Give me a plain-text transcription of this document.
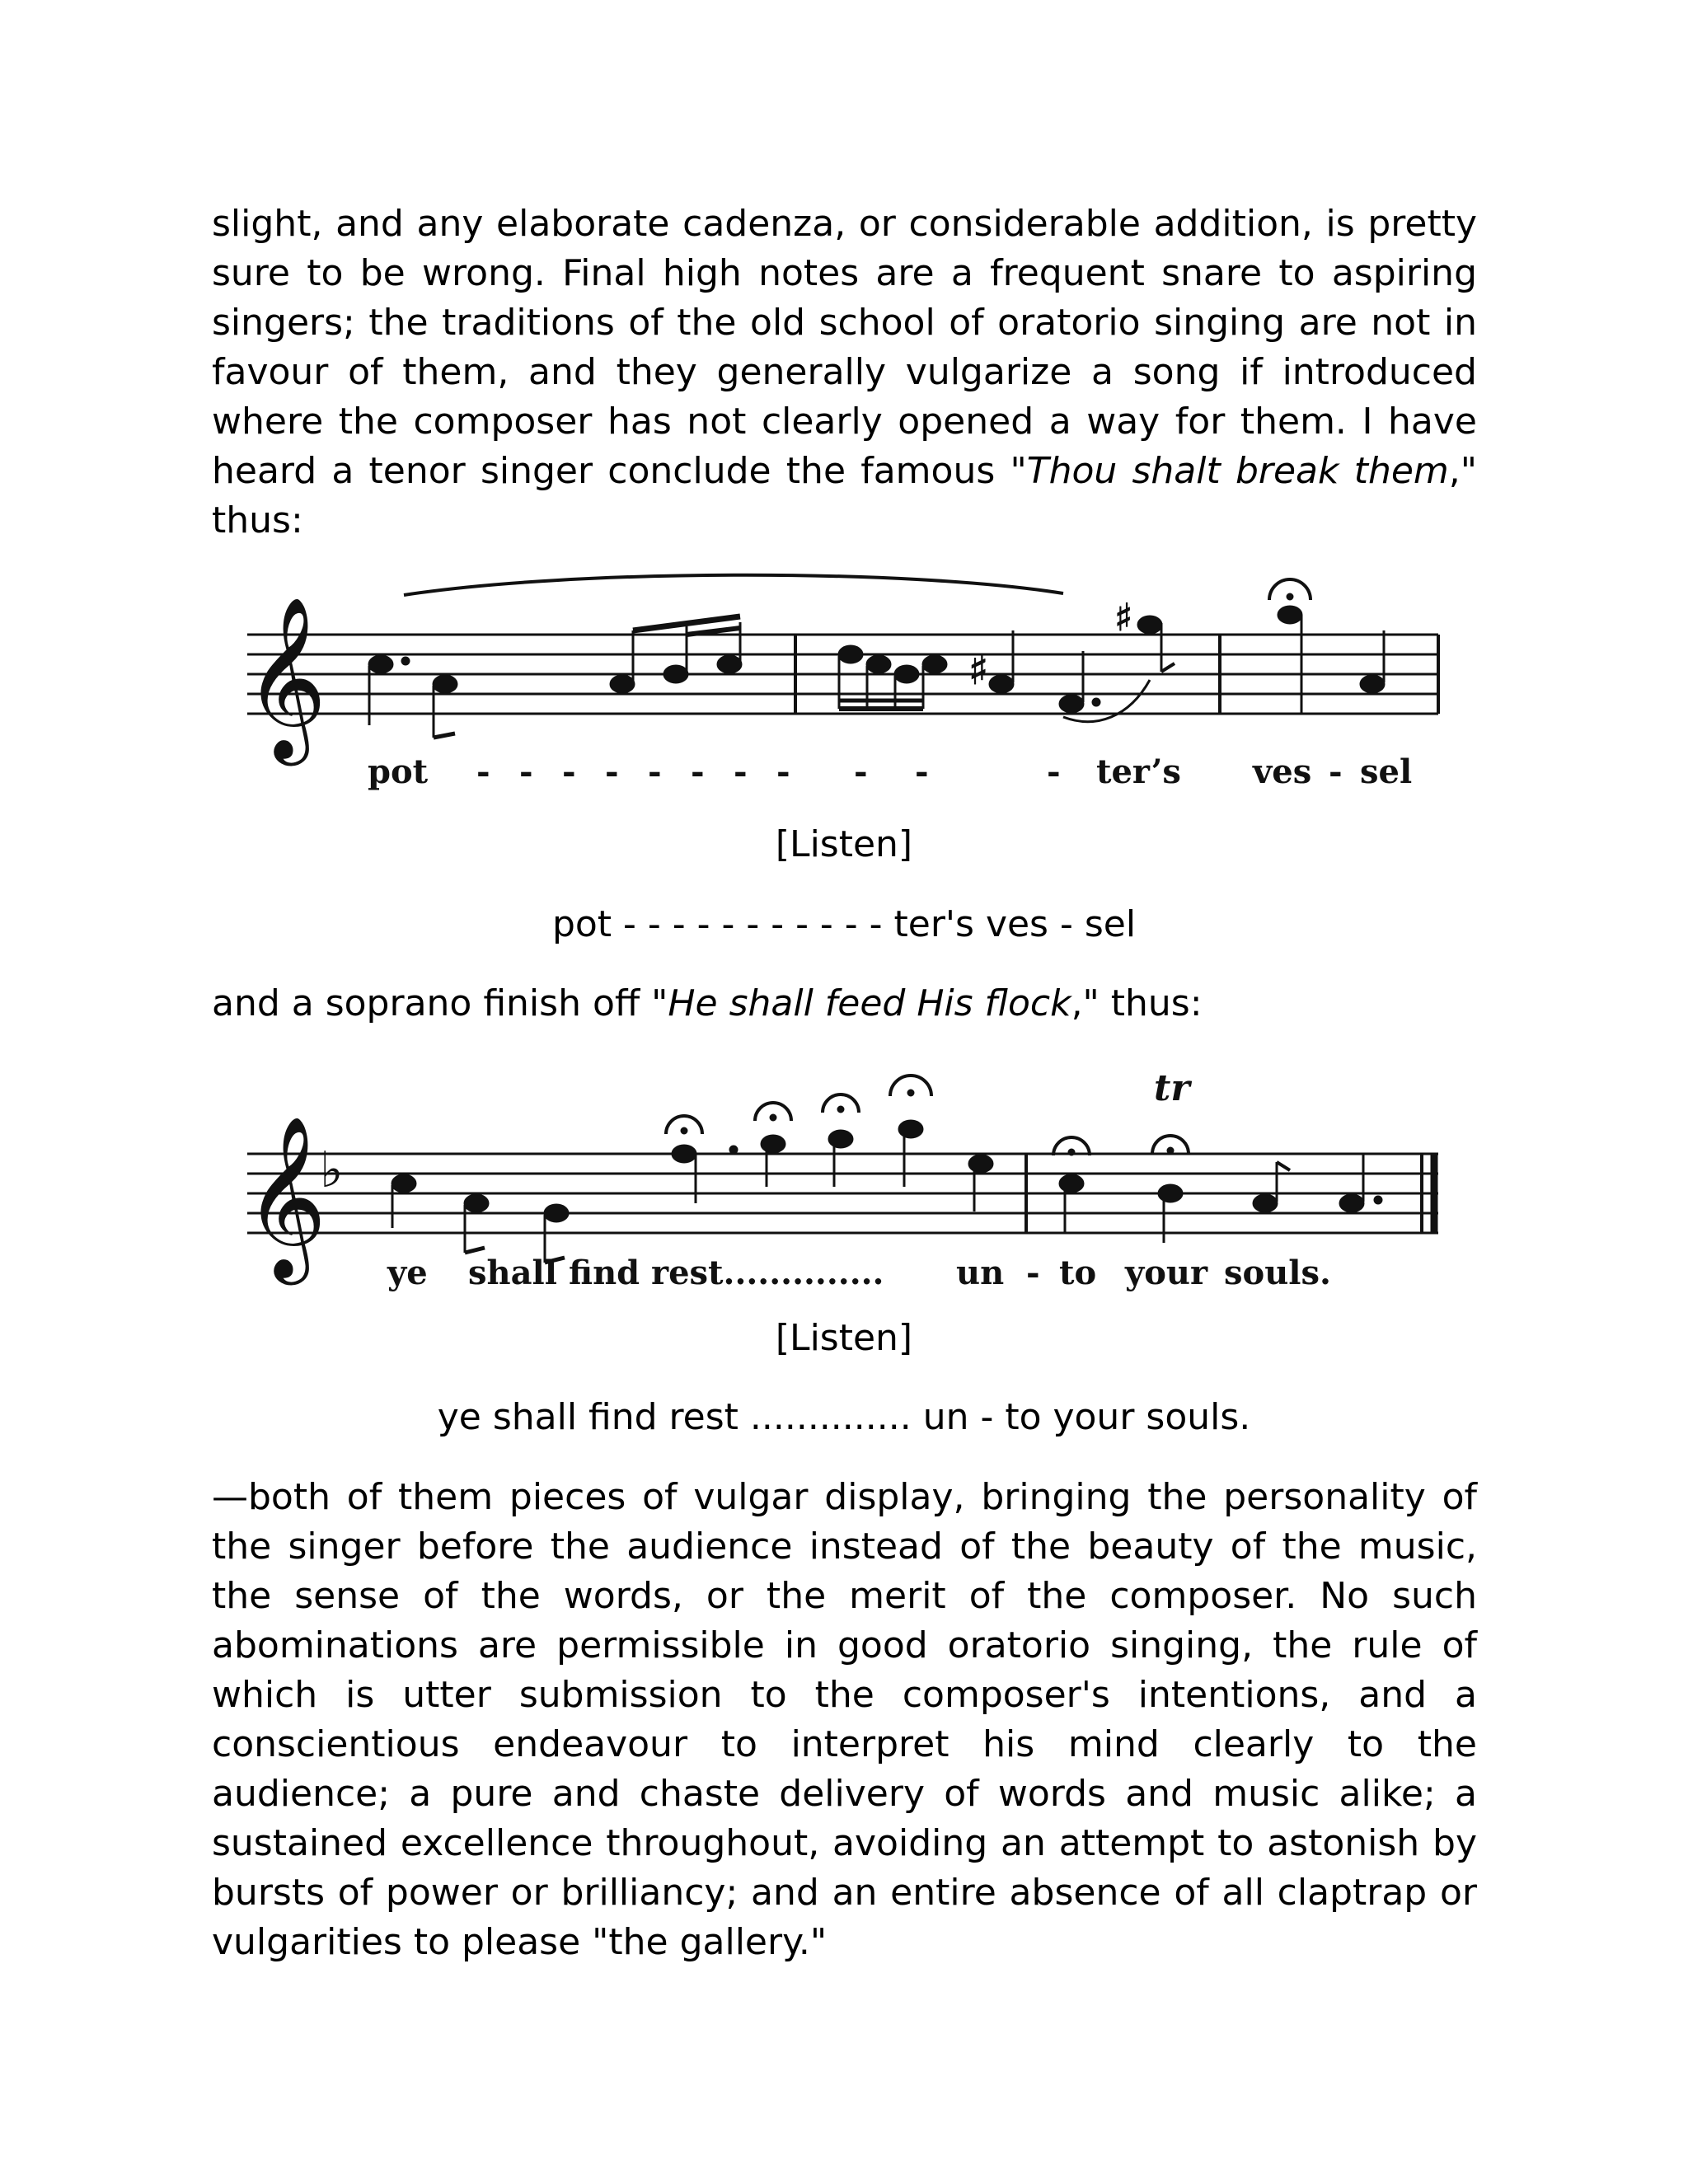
slight, and any elaborate cadenza, or considerable addition, is pretty
sure to be wrong. Final high notes are a frequent snare to aspiring
singers; the traditions of the old school of oratorio singing are not in
favour of them, and they generally vulgarize a song if introduced
where the composer has not clearly opened a way for them. I have
heard a tenor singer conclude the famous "Thou shalt break them,"
thus:
𝄞	♯
♯
pot - - - - - - - - - -	- ter’s ves - sel
[Listen]
pot - - - - - - - - - - - ter's ves - sel
and a soprano finish off "He shall feed His flock," thus:
𝄞
♭
tr
ye shall find rest.............. un - to your souls.
[Listen]
ye shall find rest .............. un - to your souls.
—both of them pieces of vulgar display, bringing the personality of
the singer before the audience instead of the beauty of the music,
the sense of the words, or the merit of the composer. No such
abominations are permissible in good oratorio singing, the rule of
which is utter submission to the composer's intentions, and a
conscientious endeavour to interpret his mind clearly to the
audience; a pure and chaste delivery of words and music alike; a
sustained excellence throughout, avoiding an attempt to astonish by
bursts of power or brilliancy; and an entire absence of all claptrap or
vulgarities to please "the gallery."
